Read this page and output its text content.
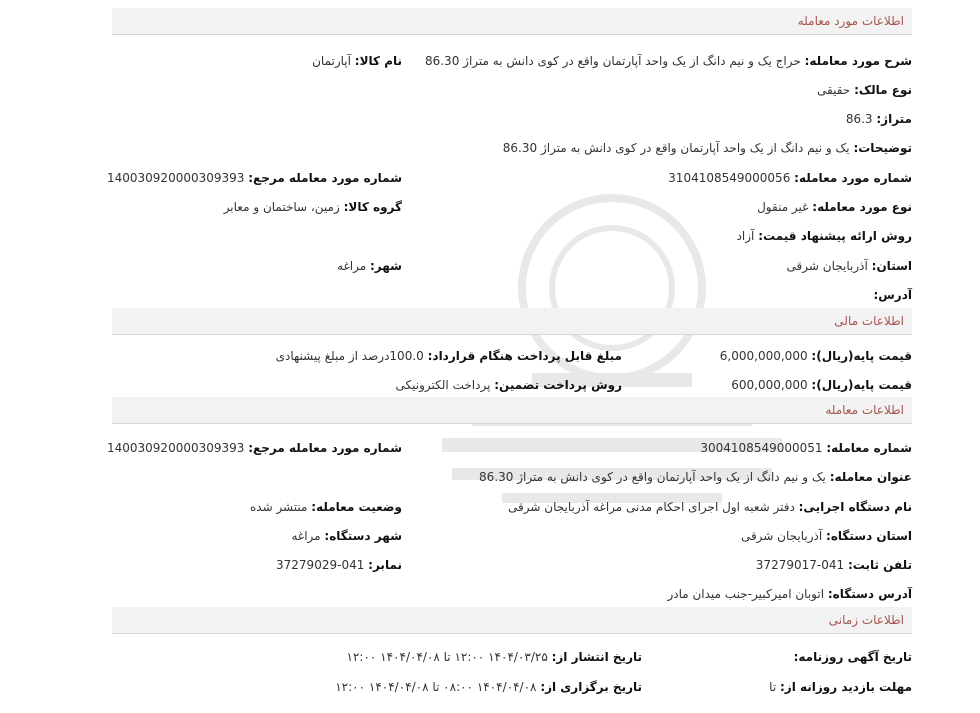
اطلاعات مورد معامله
شرح مورد معامله: حراج یک و نیم دانگ از یک واحد آپارتمان واقع در کوی دانش به متراژ 86.30
نام کالا: آپارتمان
نوع مالک: حقیقی
متراژ: 86.3
توضیحات: یک و نیم دانگ از یک واحد آپارتمان واقع در کوی دانش به متراژ 86.30
شماره مورد معامله: 3104108549000056
شماره مورد معامله مرجع: 140030920000309393
نوع مورد معامله: غیر منقول
گروه کالا: زمین، ساختمان و معابر
روش ارائه پیشنهاد قیمت: آزاد
استان: آذربایجان شرقی
شهر: مراغه
آدرس:
اطلاعات مالی
قیمت پایه(ریال): 6,000,000,000
مبلغ قابل پرداخت هنگام قرارداد: 100.0درصد از مبلغ پیشنهادی
قیمت پایه(ریال): 600,000,000
روش پرداخت تضمین: پرداخت الکترونیکی
اطلاعات معامله
شماره معامله: 3004108549000051
شماره مورد معامله مرجع: 140030920000309393
عنوان معامله: یک و نیم دانگ از یک واحد آپارتمان واقع در کوی دانش به متراژ 86.30
نام دستگاه اجرایی: دفتر شعبه اول اجرای احکام مدنی مراغه آذربایجان شرقی
وضعیت معامله: منتشر شده
استان دستگاه: آذربایجان شرقی
شهر دستگاه: مراغه
تلفن ثابت: 041-37279017
نمابر: 041-37279029
آدرس دستگاه: اتوبان امیرکبیر-جنب میدان مادر
اطلاعات زمانی
تاریخ آگهی روزنامه:
تاریخ انتشار از: ۱۴۰۴/۰۳/۲۵ ۱۲:۰۰ تا ۱۴۰۴/۰۴/۰۸ ۱۲:۰۰
مهلت بازدید روزانه از: تا
تاریخ برگزاری از: ۱۴۰۴/۰۴/۰۸ ۰۸:۰۰ تا ۱۴۰۴/۰۴/۰۸ ۱۲:۰۰
